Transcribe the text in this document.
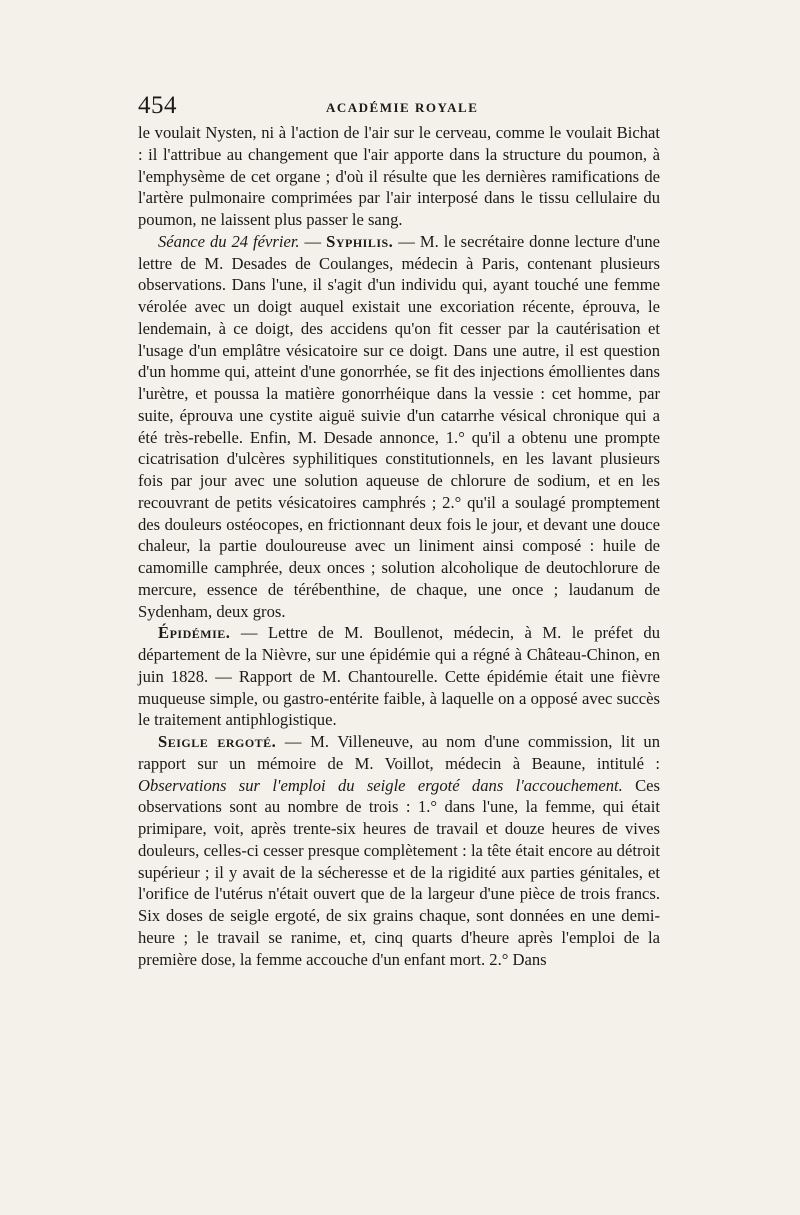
454	ACADÉMIE ROYALE

le voulait Nysten, ni à l'action de l'air sur le cerveau, comme le voulait Bichat : il l'attribue au changement que l'air apporte dans la structure du poumon, à l'emphysème de cet organe ; d'où il résulte que les dernières ramifications de l'artère pulmonaire comprimées par l'air interposé dans le tissu cellulaire du poumon, ne laissent plus passer le sang.

Séance du 24 février. — Syphilis. — M. le secrétaire donne lecture d'une lettre de M. Desades de Coulanges, médecin à Paris, contenant plusieurs observations. Dans l'une, il s'agit d'un individu qui, ayant touché une femme vérolée avec un doigt auquel existait une excoriation récente, éprouva, le lendemain, à ce doigt, des accidens qu'on fit cesser par la cautérisation et l'usage d'un emplâtre vésicatoire sur ce doigt. Dans une autre, il est question d'un homme qui, atteint d'une gonorrhée, se fit des injections émollientes dans l'urètre, et poussa la matière gonorrhéique dans la vessie : cet homme, par suite, éprouva une cystite aiguë suivie d'un catarrhe vésical chronique qui a été très-rebelle. Enfin, M. Desade annonce, 1.° qu'il a obtenu une prompte cicatrisation d'ulcères syphilitiques constitutionnels, en les lavant plusieurs fois par jour avec une solution aqueuse de chlorure de sodium, et en les recouvrant de petits vésicatoires camphrés ; 2.° qu'il a soulagé promptement des douleurs ostéocopes, en frictionnant deux fois le jour, et devant une douce chaleur, la partie douloureuse avec un liniment ainsi composé : huile de camomille camphrée, deux onces ; solution alcoholique de deutochlorure de mercure, essence de térébenthine, de chaque, une once ; laudanum de Sydenham, deux gros.

Épidémie. — Lettre de M. Boullenot, médecin, à M. le préfet du département de la Nièvre, sur une épidémie qui a régné à Château-Chinon, en juin 1828. — Rapport de M. Chantourelle. Cette épidémie était une fièvre muqueuse simple, ou gastro-entérite faible, à laquelle on a opposé avec succès le traitement antiphlogistique.

Seigle ergoté. — M. Villeneuve, au nom d'une commission, lit un rapport sur un mémoire de M. Voillot, médecin à Beaune, intitulé : Observations sur l'emploi du seigle ergoté dans l'accouchement. Ces observations sont au nombre de trois : 1.° dans l'une, la femme, qui était primipare, voit, après trente-six heures de travail et douze heures de vives douleurs, celles-ci cesser presque complètement : la tête était encore au détroit supérieur ; il y avait de la sécheresse et de la rigidité aux parties génitales, et l'orifice de l'utérus n'était ouvert que de la largeur d'une pièce de trois francs. Six doses de seigle ergoté, de six grains chaque, sont données en une demi-heure ; le travail se ranime, et, cinq quarts d'heure après l'emploi de la première dose, la femme accouche d'un enfant mort. 2.° Dans
